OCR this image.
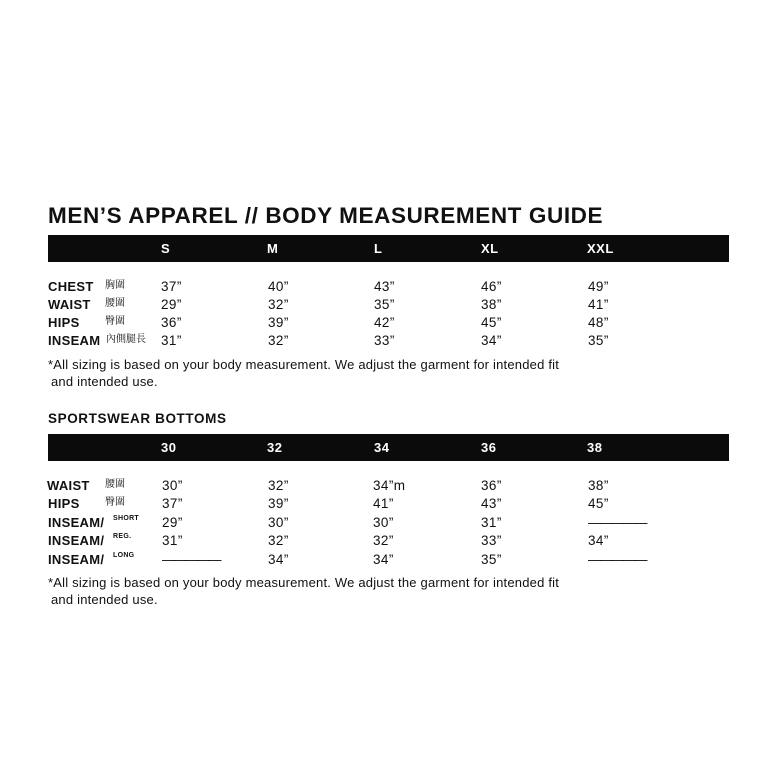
MEN’S APPAREL // BODY MEASUREMENT GUIDE
S	M	L	XL	XXL
CHEST 胸圍	37”	40”	43”	46”	49”
WAIST 腰圍	29”	32”	35”	38”	41”
HIPS	臀圍	36”	39”	42”	45”	48”
INSEAM 內側腿長 31”	32”	33”	34”	35”
*All sizing is based on your body measurement. We adjust the garment for intended fit
and intended use.
SPORTSWEAR BOTTOMS
30	32	34	36	38
WAIST 腰圍	30”	32”	34”m	36”	38”
HIPS	臀圍	37”	39”	41”	43”	45”
INSEAM/ SHORT 29”	30”	30”	31”	—————
INSEAM/ REG. 31”	32”	32”	33”	34”
INSEAM/ LONG —————	34”	34”	35”	—————
*All sizing is based on your body measurement. We adjust the garment for intended fit
and intended use.
